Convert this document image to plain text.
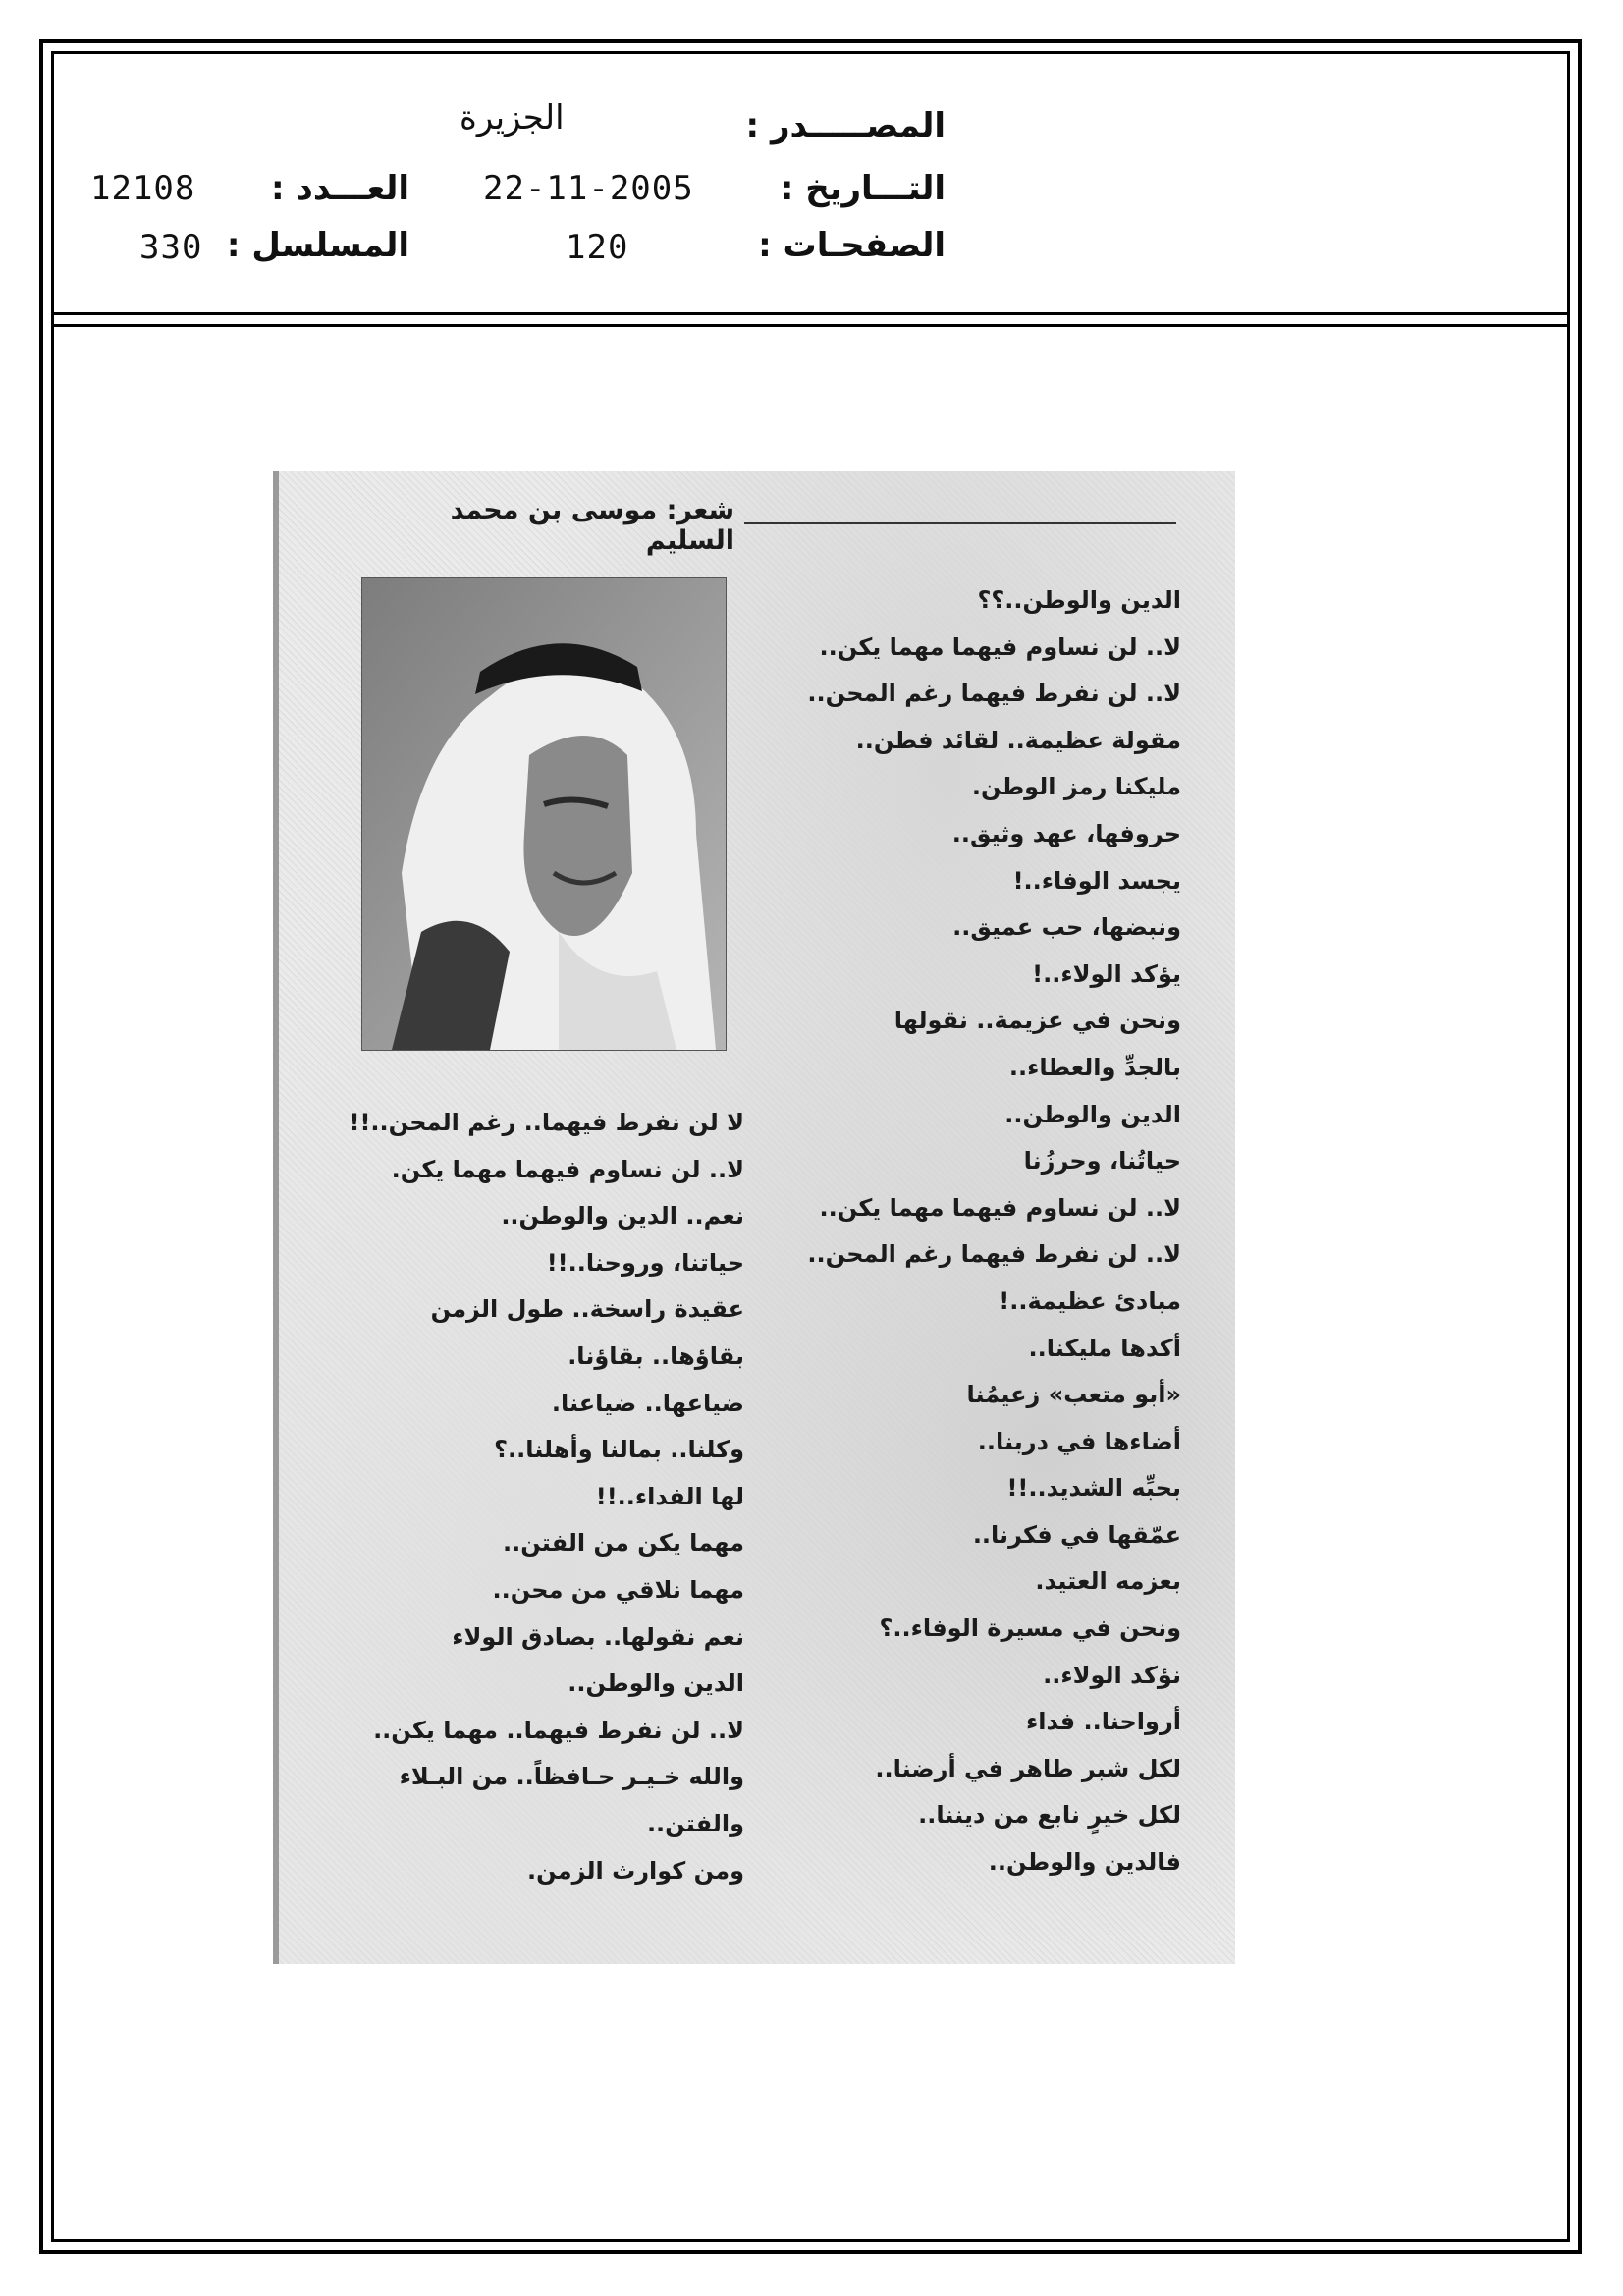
المصـــــدر :
الجزيرة
التـــاريخ :
22-11-2005
العـــدد :
12108
الصفحـات :
120
المسلسل :
330
شعر: موسى بن محمد السليم
الدين والوطن..؟؟
لا.. لن نساوم فيهما مهما يكن..
لا.. لن نفرط فيهما رغم المحن..
مقولة عظيمة.. لقائد فطن..
مليكنا رمز الوطن.
حروفها، عهد وثيق..
يجسد الوفاء..!
ونبضها، حب عميق..
يؤكد الولاء..!
ونحن في عزيمة.. نقولها
بالجدِّ والعطاء..
الدين والوطن..
حياتُنا، وحرزُنا
لا.. لن نساوم فيهما مهما يكن..
لا.. لن نفرط فيهما رغم المحن..
مبادئ عظيمة..!
أكدها مليكنا..
«أبو متعب» زعيمُنا
أضاءها في دربنا..
بحبِّه الشديد..!!
عمّقها في فكرنا..
بعزمه العتيد.
ونحن في مسيرة الوفاء..؟
نؤكد الولاء..
أرواحنا.. فداء
لكل شبر طاهر في أرضنا..
لكل خيرٍ نابع من ديننا..
فالدين والوطن..
لا لن نفرط فيهما.. رغم المحن..!!
لا.. لن نساوم فيهما مهما يكن.
نعم.. الدين والوطن..
حياتنا، وروحنا..!!
عقيدة راسخة.. طول الزمن
بقاؤها.. بقاؤنا.
ضياعها.. ضياعنا.
وكلنا.. بمالنا وأهلنا..؟
لها الفداء..!!
مهما يكن من الفتن..
مهما نلاقي من محن..
نعم نقولها.. بصادق الولاء
الدين والوطن..
لا.. لن نفرط فيهما.. مهما يكن..
والله خـيـر حـافظاً.. من البـلاء
والفتن..
ومن كوارث الزمن.
